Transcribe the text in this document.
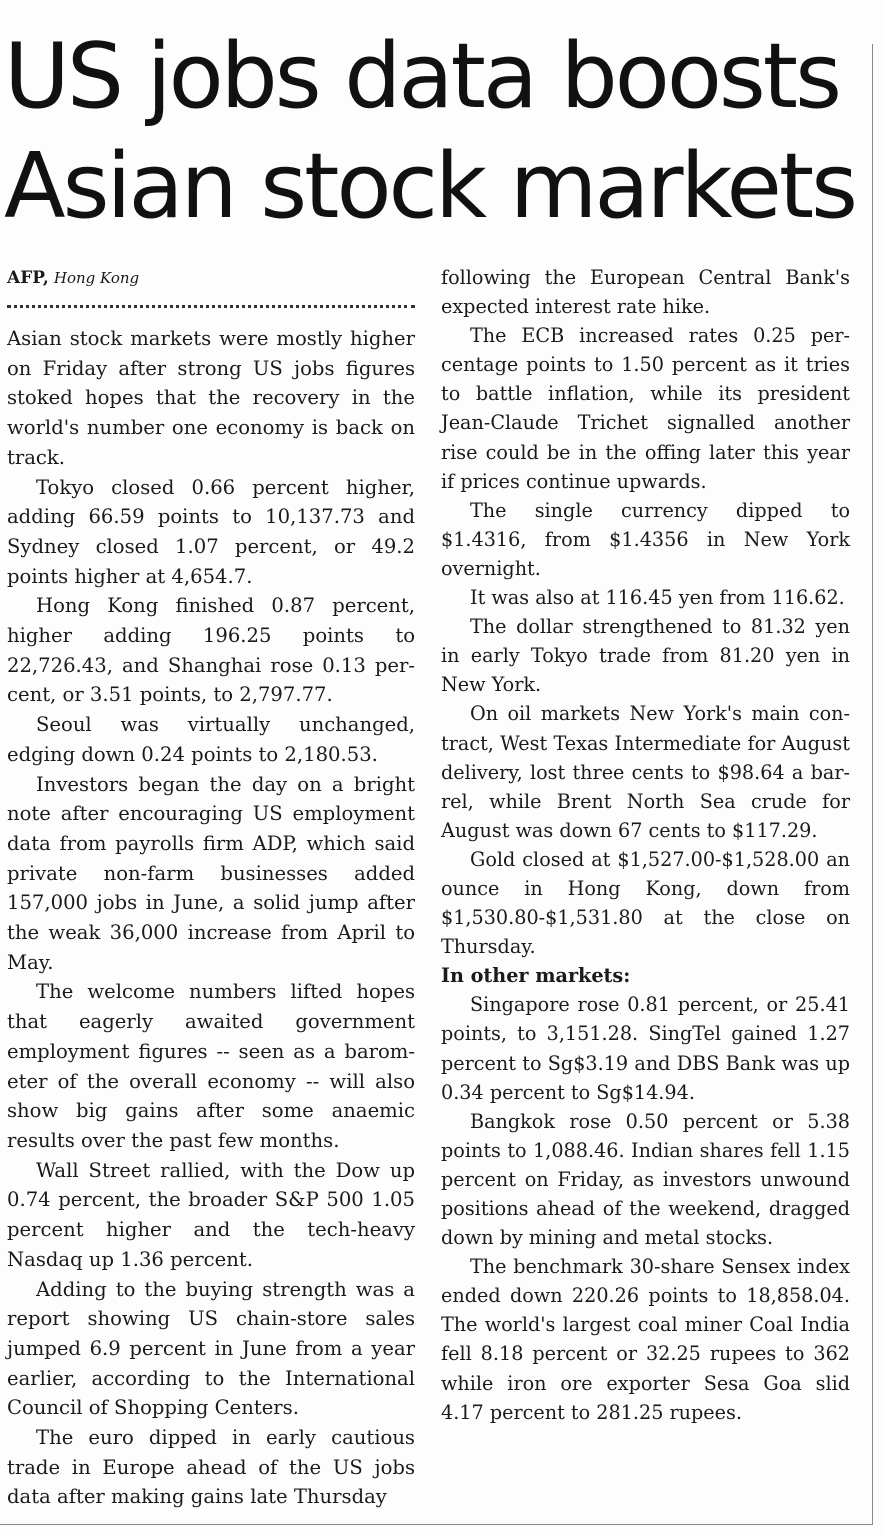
US jobs data boosts
Asian stock markets
AFP, Hong Kong

Asian stock markets were mostly higher on Friday after strong US jobs figures stoked hopes that the recovery in the world's number one economy is back on track.

Tokyo closed 0.66 percent higher, adding 66.59 points to 10,137.73 and Sydney closed 1.07 percent, or 49.2 points higher at 4,654.7.

Hong Kong finished 0.87 percent, higher adding 196.25 points to 22,726.43, and Shanghai rose 0.13 percent, or 3.51 points, to 2,797.77.

Seoul was virtually unchanged, edging down 0.24 points to 2,180.53.

Investors began the day on a bright note after encouraging US employment data from payrolls firm ADP, which said private non-farm businesses added 157,000 jobs in June, a solid jump after the weak 36,000 increase from April to May.

The welcome numbers lifted hopes that eagerly awaited government employment figures -- seen as a barometer of the overall economy -- will also show big gains after some anaemic results over the past few months.

Wall Street rallied, with the Dow up 0.74 percent, the broader S&P 500 1.05 percent higher and the tech-heavy Nasdaq up 1.36 percent.

Adding to the buying strength was a report showing US chain-store sales jumped 6.9 percent in June from a year earlier, according to the International Council of Shopping Centers.

The euro dipped in early cautious trade in Europe ahead of the US jobs data after making gains late Thursday

following the European Central Bank's expected interest rate hike.

The ECB increased rates 0.25 percentage points to 1.50 percent as it tries to battle inflation, while its president Jean-Claude Trichet signalled another rise could be in the offing later this year if prices continue upwards.

The single currency dipped to $1.4316, from $1.4356 in New York overnight.

It was also at 116.45 yen from 116.62.

The dollar strengthened to 81.32 yen in early Tokyo trade from 81.20 yen in New York.

On oil markets New York's main contract, West Texas Intermediate for August delivery, lost three cents to $98.64 a barrel, while Brent North Sea crude for August was down 67 cents to $117.29.

Gold closed at $1,527.00-$1,528.00 an ounce in Hong Kong, down from $1,530.80-$1,531.80 at the close on Thursday.

In other markets:

Singapore rose 0.81 percent, or 25.41 points, to 3,151.28. SingTel gained 1.27 percent to Sg$3.19 and DBS Bank was up 0.34 percent to Sg$14.94.

Bangkok rose 0.50 percent or 5.38 points to 1,088.46. Indian shares fell 1.15 percent on Friday, as investors unwound positions ahead of the weekend, dragged down by mining and metal stocks.

The benchmark 30-share Sensex index ended down 220.26 points to 18,858.04. The world's largest coal miner Coal India fell 8.18 percent or 32.25 rupees to 362 while iron ore exporter Sesa Goa slid 4.17 percent to 281.25 rupees.
